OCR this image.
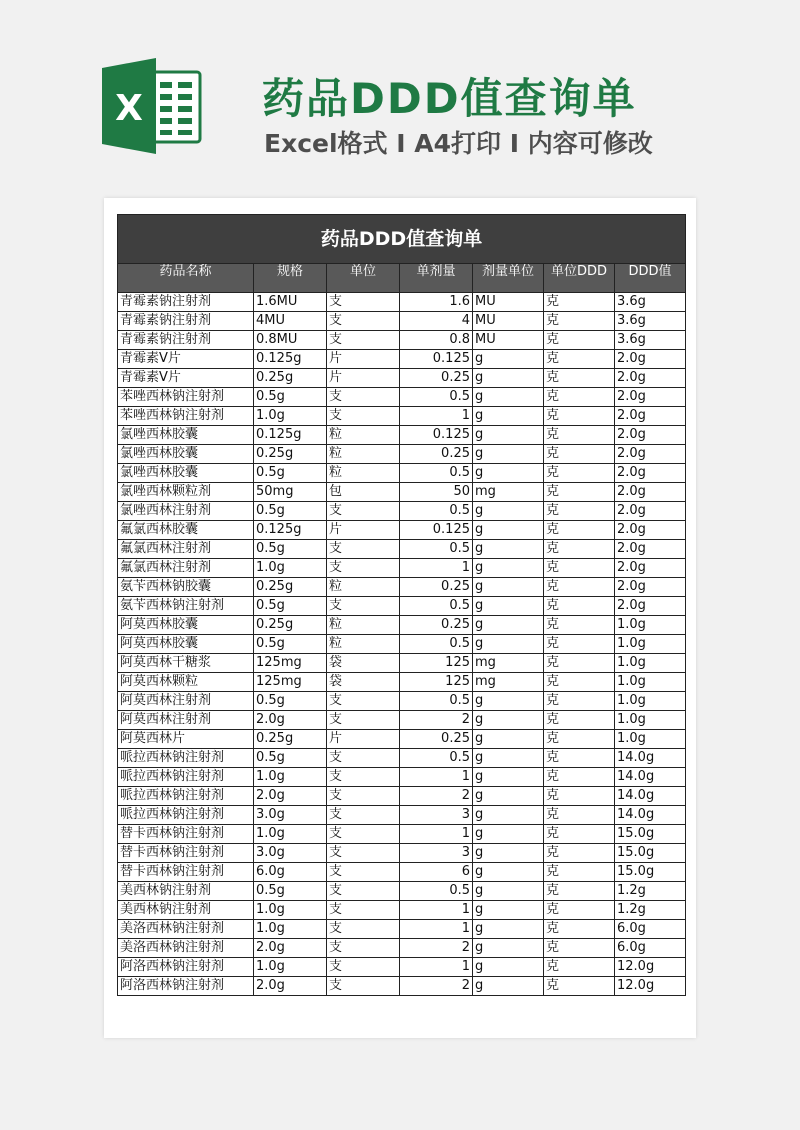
X	药品DDD值查询单
Excel格式 I A4打印 I 内容可修改
药品DDD值查询单						
药品名称	规格	单位	单剂量	剂量单位	单位DDD	DDD值
青霉素钠注射剂	1.6MU	支	1.6	MU	克	3.6g
青霉素钠注射剂	4MU	支	4	MU	克	3.6g
青霉素钠注射剂	0.8MU	支	0.8	MU	克	3.6g
青霉素V片	0.125g	片	0.125	g	克	2.0g
青霉素V片	0.25g	片	0.25	g	克	2.0g
苯唑西林钠注射剂	0.5g	支	0.5	g	克	2.0g
苯唑西林钠注射剂	1.0g	支	1	g	克	2.0g
氯唑西林胶囊	0.125g	粒	0.125	g	克	2.0g
氯唑西林胶囊	0.25g	粒	0.25	g	克	2.0g
氯唑西林胶囊	0.5g	粒	0.5	g	克	2.0g
氯唑西林颗粒剂	50mg	包	50	mg	克	2.0g
氯唑西林注射剂	0.5g	支	0.5	g	克	2.0g
氟氯西林胶囊	0.125g	片	0.125	g	克	2.0g
氟氯西林注射剂	0.5g	支	0.5	g	克	2.0g
氟氯西林注射剂	1.0g	支	1	g	克	2.0g
氨苄西林钠胶囊	0.25g	粒	0.25	g	克	2.0g
氨苄西林钠注射剂	0.5g	支	0.5	g	克	2.0g
阿莫西林胶囊	0.25g	粒	0.25	g	克	1.0g
阿莫西林胶囊	0.5g	粒	0.5	g	克	1.0g
阿莫西林干糖浆	125mg	袋	125	mg	克	1.0g
阿莫西林颗粒	125mg	袋	125	mg	克	1.0g
阿莫西林注射剂	0.5g	支	0.5	g	克	1.0g
阿莫西林注射剂	2.0g	支	2	g	克	1.0g
阿莫西林片	0.25g	片	0.25	g	克	1.0g
哌拉西林钠注射剂	0.5g	支	0.5	g	克	14.0g
哌拉西林钠注射剂	1.0g	支	1	g	克	14.0g
哌拉西林钠注射剂	2.0g	支	2	g	克	14.0g
哌拉西林钠注射剂	3.0g	支	3	g	克	14.0g
替卡西林钠注射剂	1.0g	支	1	g	克	15.0g
替卡西林钠注射剂	3.0g	支	3	g	克	15.0g
替卡西林钠注射剂	6.0g	支	6	g	克	15.0g
美西林钠注射剂	0.5g	支	0.5	g	克	1.2g
美西林钠注射剂	1.0g	支	1	g	克	1.2g
美洛西林钠注射剂	1.0g	支	1	g	克	6.0g
美洛西林钠注射剂	2.0g	支	2	g	克	6.0g
阿洛西林钠注射剂	1.0g	支	1	g	克	12.0g
阿洛西林钠注射剂	2.0g	支	2	g	克	12.0g
